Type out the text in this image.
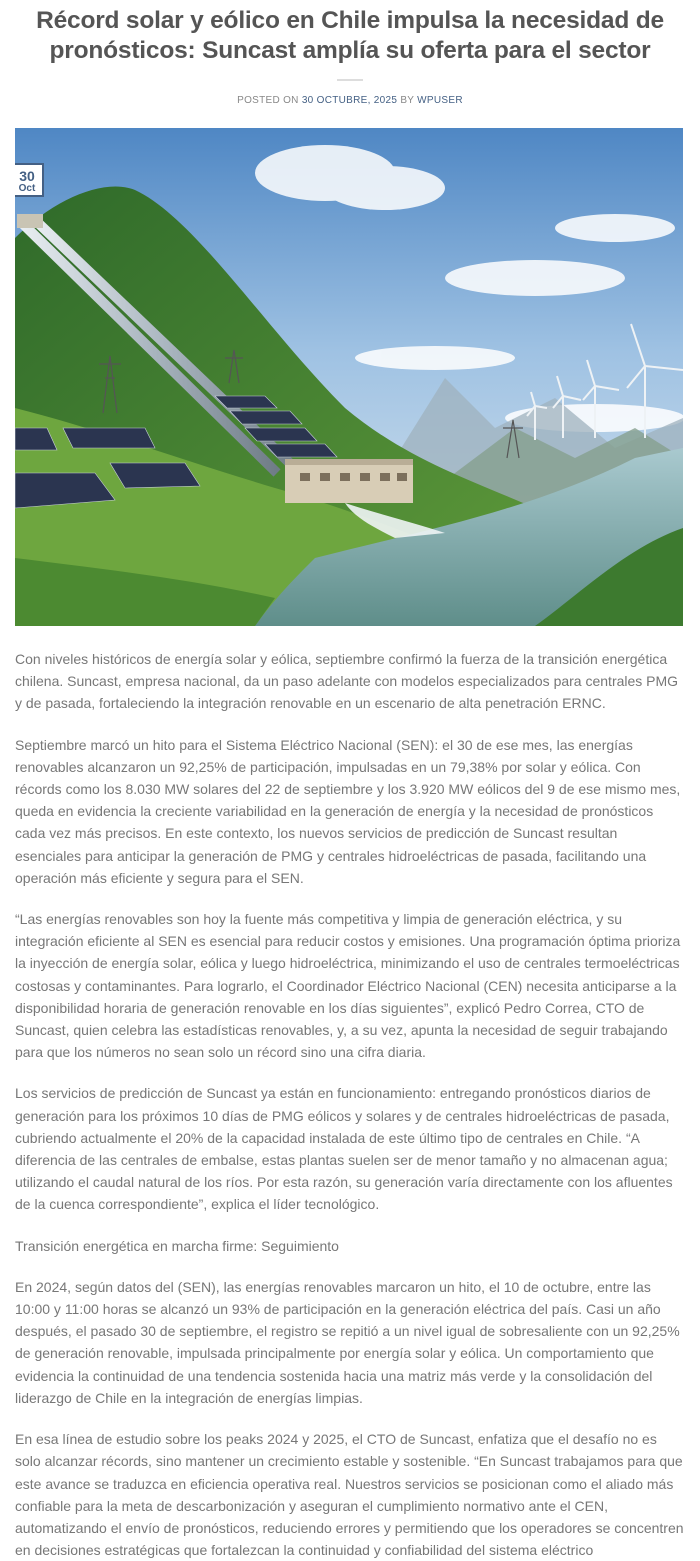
Récord solar y eólico en Chile impulsa la necesidad de pronósticos: Suncast amplía su oferta para el sector
POSTED ON 30 OCTUBRE, 2025 BY WPUSER
30
Oct

Con niveles históricos de energía solar y eólica, septiembre confirmó la fuerza de la transición energética chilena. Suncast, empresa nacional, da un paso adelante con modelos especializados para centrales PMG y de pasada, fortaleciendo la integración renovable en un escenario de alta penetración ERNC.

Septiembre marcó un hito para el Sistema Eléctrico Nacional (SEN): el 30 de ese mes, las energías renovables alcanzaron un 92,25% de participación, impulsadas en un 79,38% por solar y eólica. Con récords como los 8.030 MW solares del 22 de septiembre y los 3.920 MW eólicos del 9 de ese mismo mes, queda en evidencia la creciente variabilidad en la generación de energía y la necesidad de pronósticos cada vez más precisos. En este contexto, los nuevos servicios de predicción de Suncast resultan esenciales para anticipar la generación de PMG y centrales hidroeléctricas de pasada, facilitando una operación más eficiente y segura para el SEN.

“Las energías renovables son hoy la fuente más competitiva y limpia de generación eléctrica, y su integración eficiente al SEN es esencial para reducir costos y emisiones. Una programación óptima prioriza la inyección de energía solar, eólica y luego hidroeléctrica, minimizando el uso de centrales termoeléctricas costosas y contaminantes. Para lograrlo, el Coordinador Eléctrico Nacional (CEN) necesita anticiparse a la disponibilidad horaria de generación renovable en los días siguientes”, explicó Pedro Correa, CTO de Suncast, quien celebra las estadísticas renovables, y, a su vez, apunta la necesidad de seguir trabajando para que los números no sean solo un récord sino una cifra diaria.

Los servicios de predicción de Suncast ya están en funcionamiento: entregando pronósticos diarios de generación para los próximos 10 días de PMG eólicos y solares y de centrales hidroeléctricas de pasada, cubriendo actualmente el 20% de la capacidad instalada de este último tipo de centrales en Chile. “A diferencia de las centrales de embalse, estas plantas suelen ser de menor tamaño y no almacenan agua; utilizando el caudal natural de los ríos. Por esta razón, su generación varía directamente con los afluentes de la cuenca correspondiente”, explica el líder tecnológico.

Transición energética en marcha firme: Seguimiento

En 2024, según datos del (SEN), las energías renovables marcaron un hito, el 10 de octubre, entre las 10:00 y 11:00 horas se alcanzó un 93% de participación en la generación eléctrica del país. Casi un año después, el pasado 30 de septiembre, el registro se repitió a un nivel igual de sobresaliente con un 92,25% de generación renovable, impulsada principalmente por energía solar y eólica. Un comportamiento que evidencia la continuidad de una tendencia sostenida hacia una matriz más verde y la consolidación del liderazgo de Chile en la integración de energías limpias.

En esa línea de estudio sobre los peaks 2024 y 2025, el CTO de Suncast, enfatiza que el desafío no es solo alcanzar récords, sino mantener un crecimiento estable y sostenible. “En Suncast trabajamos para que este avance se traduzca en eficiencia operativa real. Nuestros servicios se posicionan como el aliado más confiable para la meta de descarbonización y aseguran el cumplimiento normativo ante el CEN, automatizando el envío de pronósticos, reduciendo errores y permitiendo que los operadores se concentren en decisiones estratégicas que fortalezcan la continuidad y confiabilidad del sistema eléctrico
